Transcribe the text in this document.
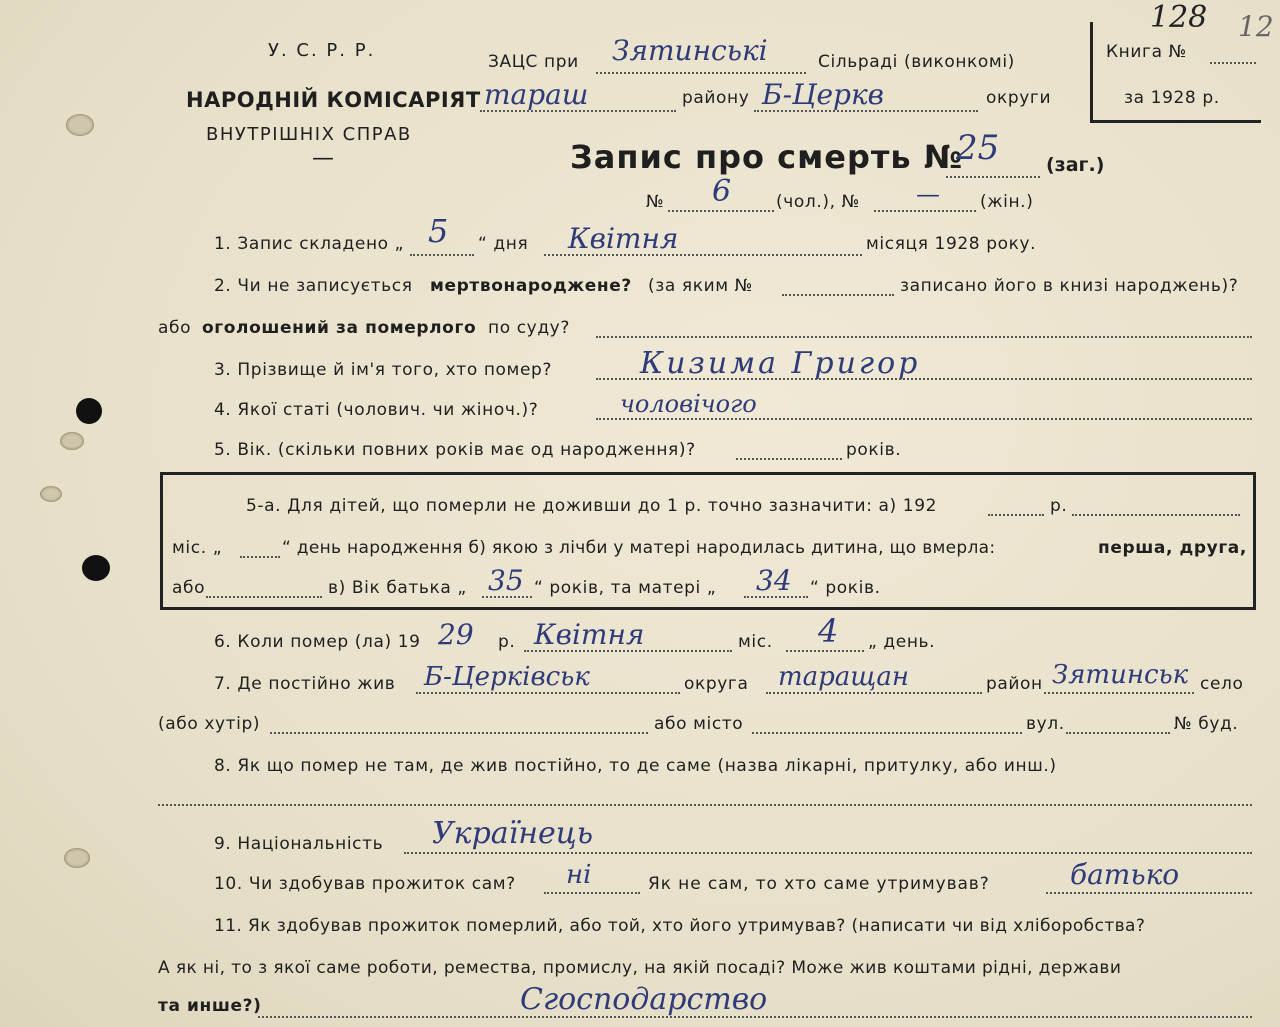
У. С. Р. Р.
НАРОДНІЙ КОМІСАРІЯТ
ВНУТРІШНІХ СПРАВ
—
ЗАЦС при Зятинськi	Сільраді (виконкомі)
тараш	району Б-Церкв	округи
Книга №
за 1928 р.
128 12
Запис про смерть №
25 (заг.)
№ 6	(чол.), № — (жін.)
1. Запис складено „ 5 “ дня Квітня	місяця 1928 року.
2. Чи не записується мертвонароджене? (за яким №	записано його в книзі народжень)?
або оголошений за померлого по суду?
3. Прізвище й ім'я того, хто помер?	Кизима Григор
4. Якої статі (чолович. чи жіноч.)?	чоловiчого
5. Вік. (скільки повних років має од народження)?	років.
5-а. Для дітей, що померли не доживши до 1 р. точно зазначити: а) 192	р.
міс. „	“ день народження б) якою з лічби у матері народилась дитина, що вмерла:	перша, друга,
або	в) Вік батька „ 35 “ років, та матері „ 34 “ років.
6. Коли помер (ла) 19 29 р. Квiтня	міс. 4 „ день.
7. Де постійно жив Б-Церкiвськ	округа таращан	район Зятинськ село
(або хутір)	або місто	вул.	№ буд.
8. Як що помер не там, де жив постійно, то де саме (назва лікарні, притулку, або инш.)
9. Національність Українець
10. Чи здобував прожиток сам? нi	Як не сам, то хто саме утримував?	батько
11. Як здобував прожиток померлий, або той, хто його утримував? (написати чи від хліборобства?
А як ні, то з якої саме роботи, ремества, промислу, на якій посаді? Може жив коштами рідні, держави
та инше?)	Сгосподарство
